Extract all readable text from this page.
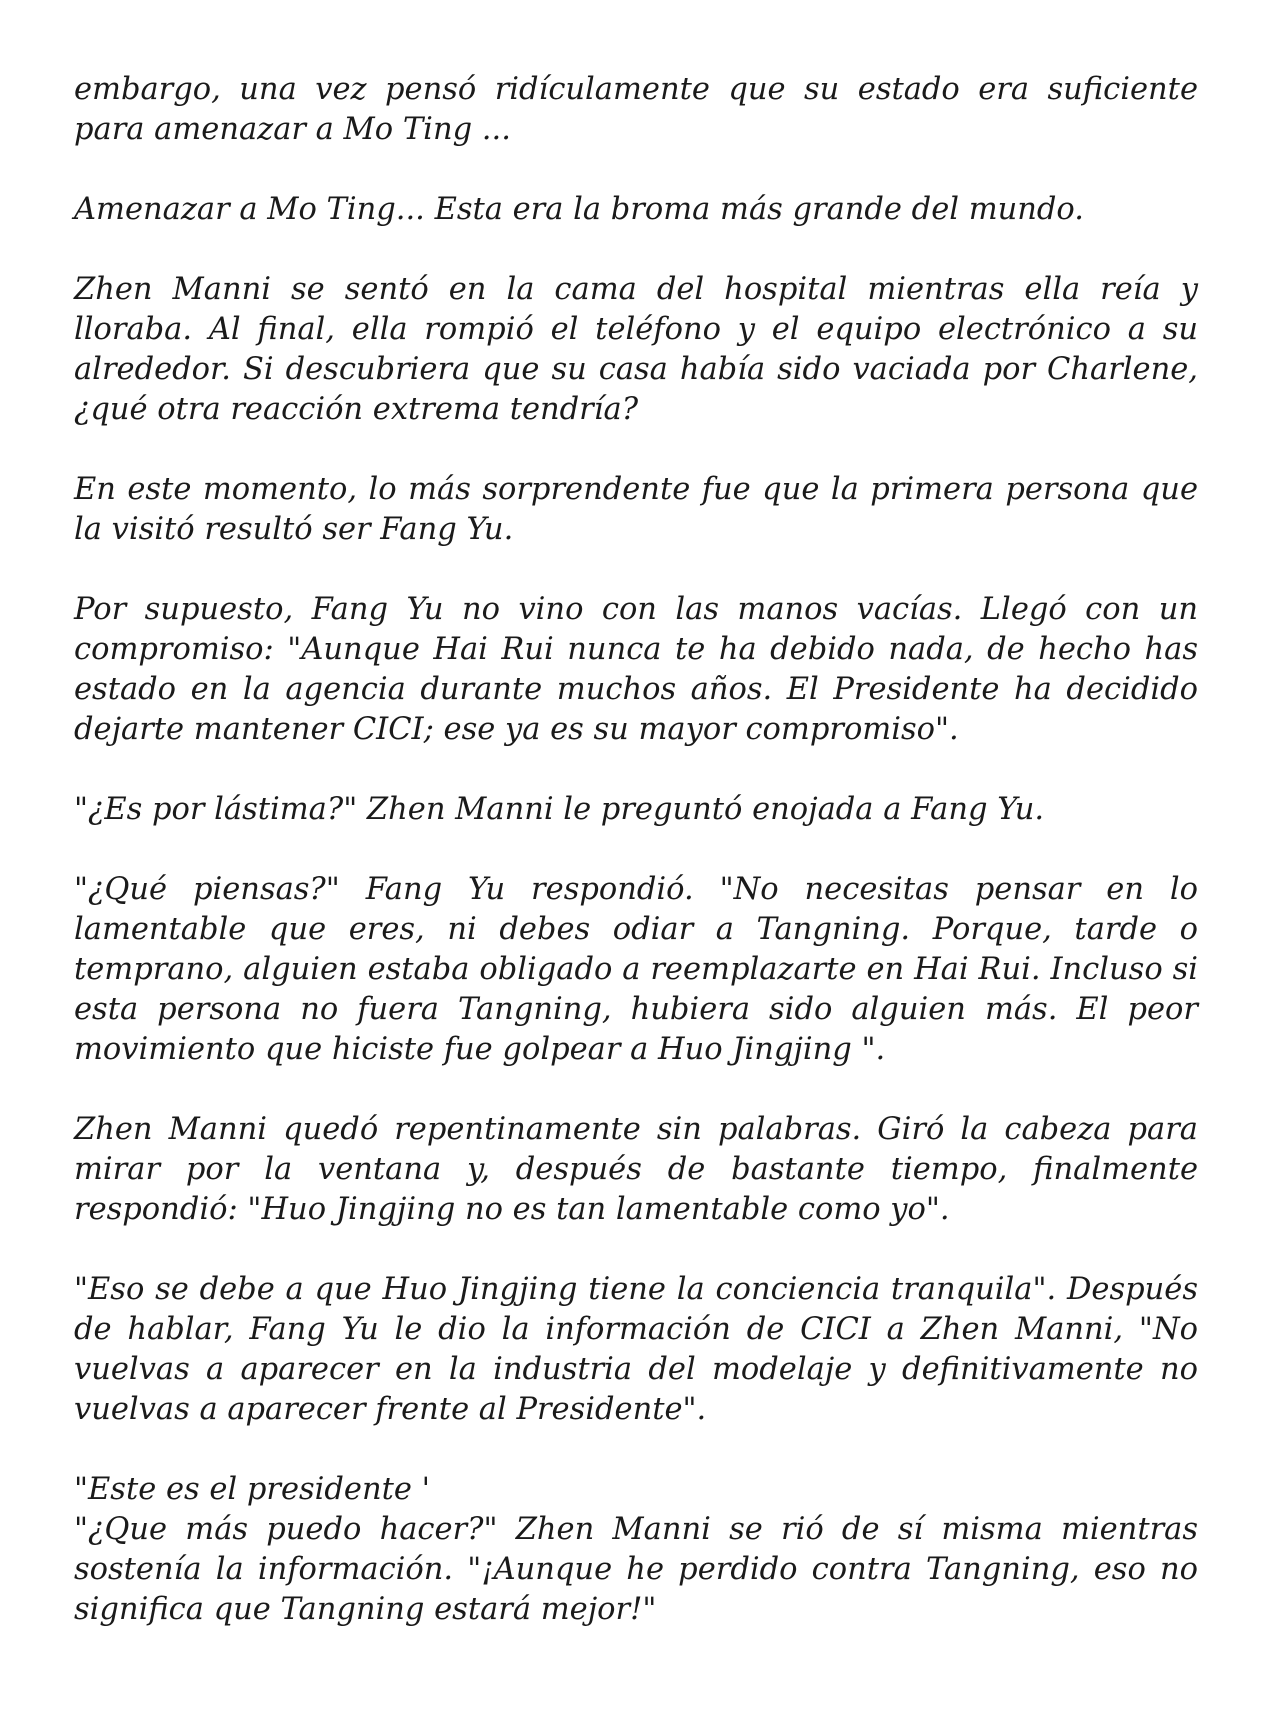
embargo, una vez pensó ridículamente que su estado era suficiente para amenazar a Mo Ting ...

Amenazar a Mo Ting... Esta era la broma más grande del mundo.

Zhen Manni se sentó en la cama del hospital mientras ella reía y lloraba. Al final, ella rompió el teléfono y el equipo electrónico a su alrededor. Si descubriera que su casa había sido vaciada por Charlene, ¿qué otra reacción extrema tendría?

En este momento, lo más sorprendente fue que la primera persona que la visitó resultó ser Fang Yu.

Por supuesto, Fang Yu no vino con las manos vacías. Llegó con un compromiso: "Aunque Hai Rui nunca te ha debido nada, de hecho has estado en la agencia durante muchos años. El Presidente ha decidido dejarte mantener CICI; ese ya es su mayor compromiso".

"¿Es por lástima?" Zhen Manni le preguntó enojada a Fang Yu.

"¿Qué piensas?" Fang Yu respondió. "No necesitas pensar en lo lamentable que eres, ni debes odiar a Tangning. Porque, tarde o temprano, alguien estaba obligado a reemplazarte en Hai Rui. Incluso si esta persona no fuera Tangning, hubiera sido alguien más. El peor movimiento que hiciste fue golpear a Huo Jingjing ".

Zhen Manni quedó repentinamente sin palabras. Giró la cabeza para mirar por la ventana y, después de bastante tiempo, finalmente respondió: "Huo Jingjing no es tan lamentable como yo".

"Eso se debe a que Huo Jingjing tiene la conciencia tranquila". Después de hablar, Fang Yu le dio la información de CICI a Zhen Manni, "No vuelvas a aparecer en la industria del modelaje y definitivamente no vuelvas a aparecer frente al Presidente".

"Este es el presidente '

"¿Que más puedo hacer?" Zhen Manni se rió de sí misma mientras sostenía la información. "¡Aunque he perdido contra Tangning, eso no significa que Tangning estará mejor!"
